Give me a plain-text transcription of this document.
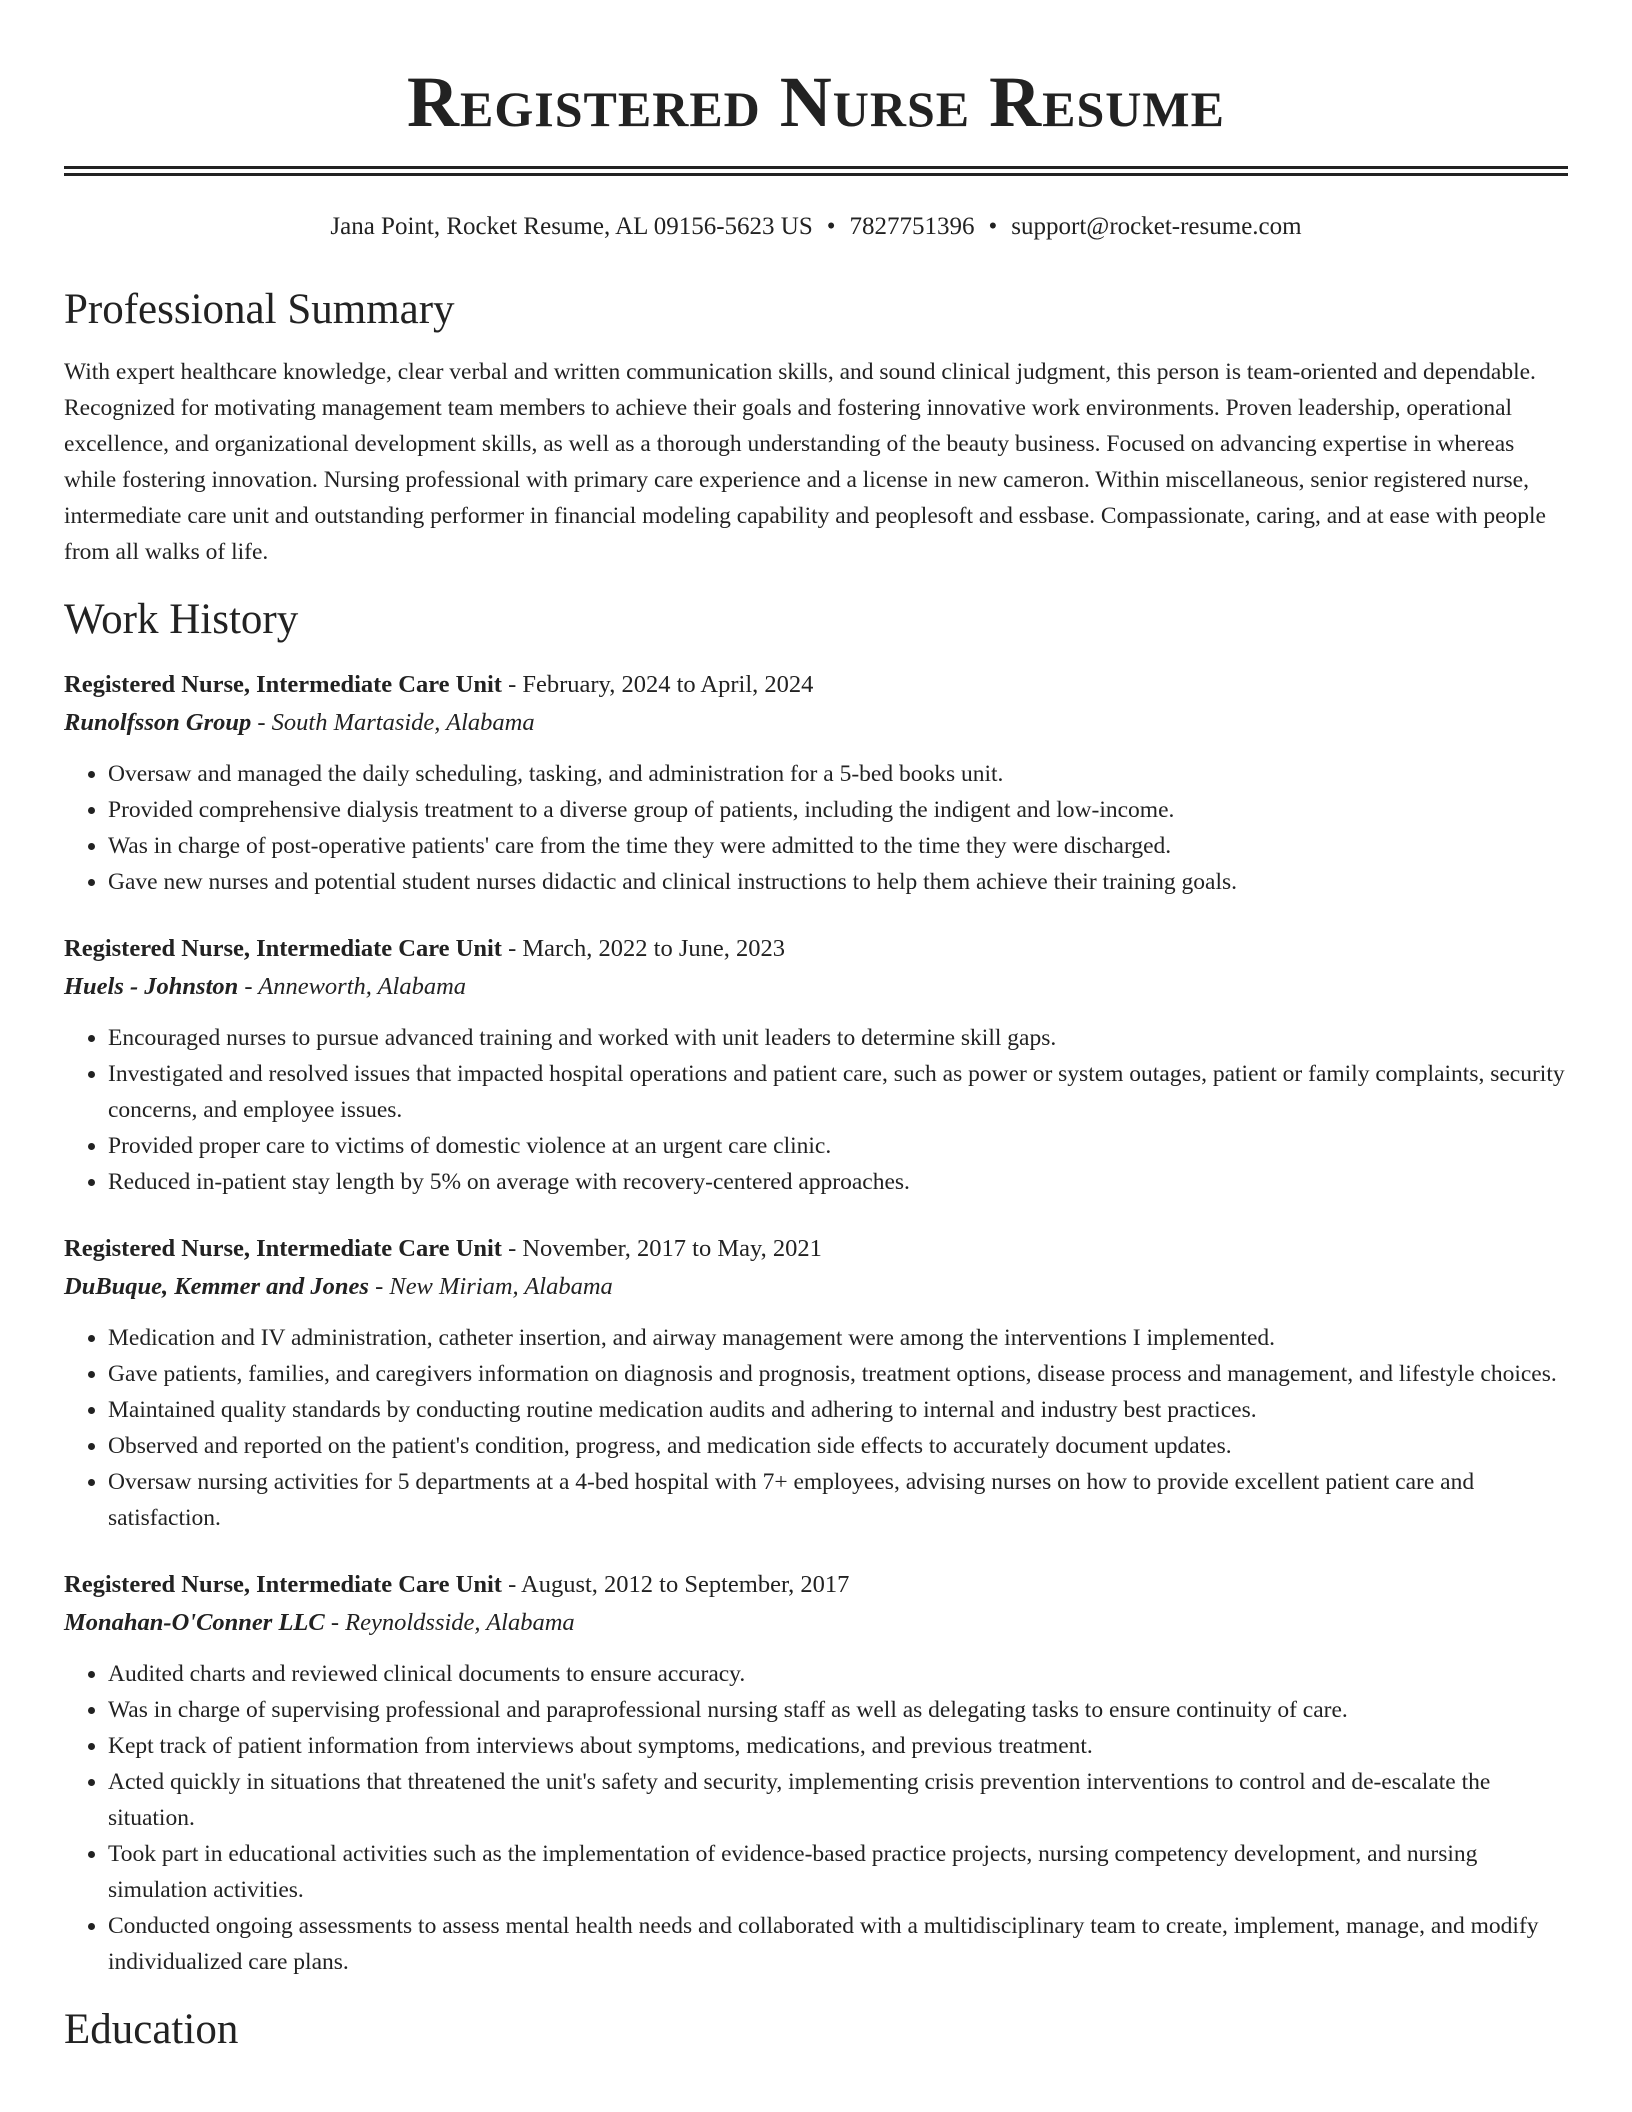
Registered Nurse Resume
Jana Point, Rocket Resume, AL 09156-5623 US • 7827751396 • support@rocket-resume.com
Professional Summary

With expert healthcare knowledge, clear verbal and written communication skills, and sound clinical judgment, this person is team-oriented and dependable. Recognized for motivating management team members to achieve their goals and fostering innovative work environments. Proven leadership, operational excellence, and organizational development skills, as well as a thorough understanding of the beauty business. Focused on advancing expertise in whereas while fostering innovation. Nursing professional with primary care experience and a license in new cameron. Within miscellaneous, senior registered nurse, intermediate care unit and outstanding performer in financial modeling capability and peoplesoft and essbase. Compassionate, caring, and at ease with people from all walks of life.

Work History
Registered Nurse, Intermediate Care Unit - February, 2024 to April, 2024
Runolfsson Group - South Martaside, Alabama
• Oversaw and managed the daily scheduling, tasking, and administration for a 5-bed books unit.
• Provided comprehensive dialysis treatment to a diverse group of patients, including the indigent and low-income.
• Was in charge of post-operative patients' care from the time they were admitted to the time they were discharged.
• Gave new nurses and potential student nurses didactic and clinical instructions to help them achieve their training goals.
Registered Nurse, Intermediate Care Unit - March, 2022 to June, 2023
Huels - Johnston - Anneworth, Alabama
• Encouraged nurses to pursue advanced training and worked with unit leaders to determine skill gaps.
• Investigated and resolved issues that impacted hospital operations and patient care, such as power or system outages, patient or family complaints, security concerns, and employee issues.
• Provided proper care to victims of domestic violence at an urgent care clinic.
• Reduced in-patient stay length by 5% on average with recovery-centered approaches.
Registered Nurse, Intermediate Care Unit - November, 2017 to May, 2021
DuBuque, Kemmer and Jones - New Miriam, Alabama
• Medication and IV administration, catheter insertion, and airway management were among the interventions I implemented.
• Gave patients, families, and caregivers information on diagnosis and prognosis, treatment options, disease process and management, and lifestyle choices.
• Maintained quality standards by conducting routine medication audits and adhering to internal and industry best practices.
• Observed and reported on the patient's condition, progress, and medication side effects to accurately document updates.
• Oversaw nursing activities for 5 departments at a 4-bed hospital with 7+ employees, advising nurses on how to provide excellent patient care and satisfaction.
Registered Nurse, Intermediate Care Unit - August, 2012 to September, 2017
Monahan-O'Conner LLC - Reynoldsside, Alabama
• Audited charts and reviewed clinical documents to ensure accuracy.
• Was in charge of supervising professional and paraprofessional nursing staff as well as delegating tasks to ensure continuity of care.
• Kept track of patient information from interviews about symptoms, medications, and previous treatment.
• Acted quickly in situations that threatened the unit's safety and security, implementing crisis prevention interventions to control and de-escalate the situation.
• Took part in educational activities such as the implementation of evidence-based practice projects, nursing competency development, and nursing simulation activities.
• Conducted ongoing assessments to assess mental health needs and collaborated with a multidisciplinary team to create, implement, manage, and modify individualized care plans.
Education
